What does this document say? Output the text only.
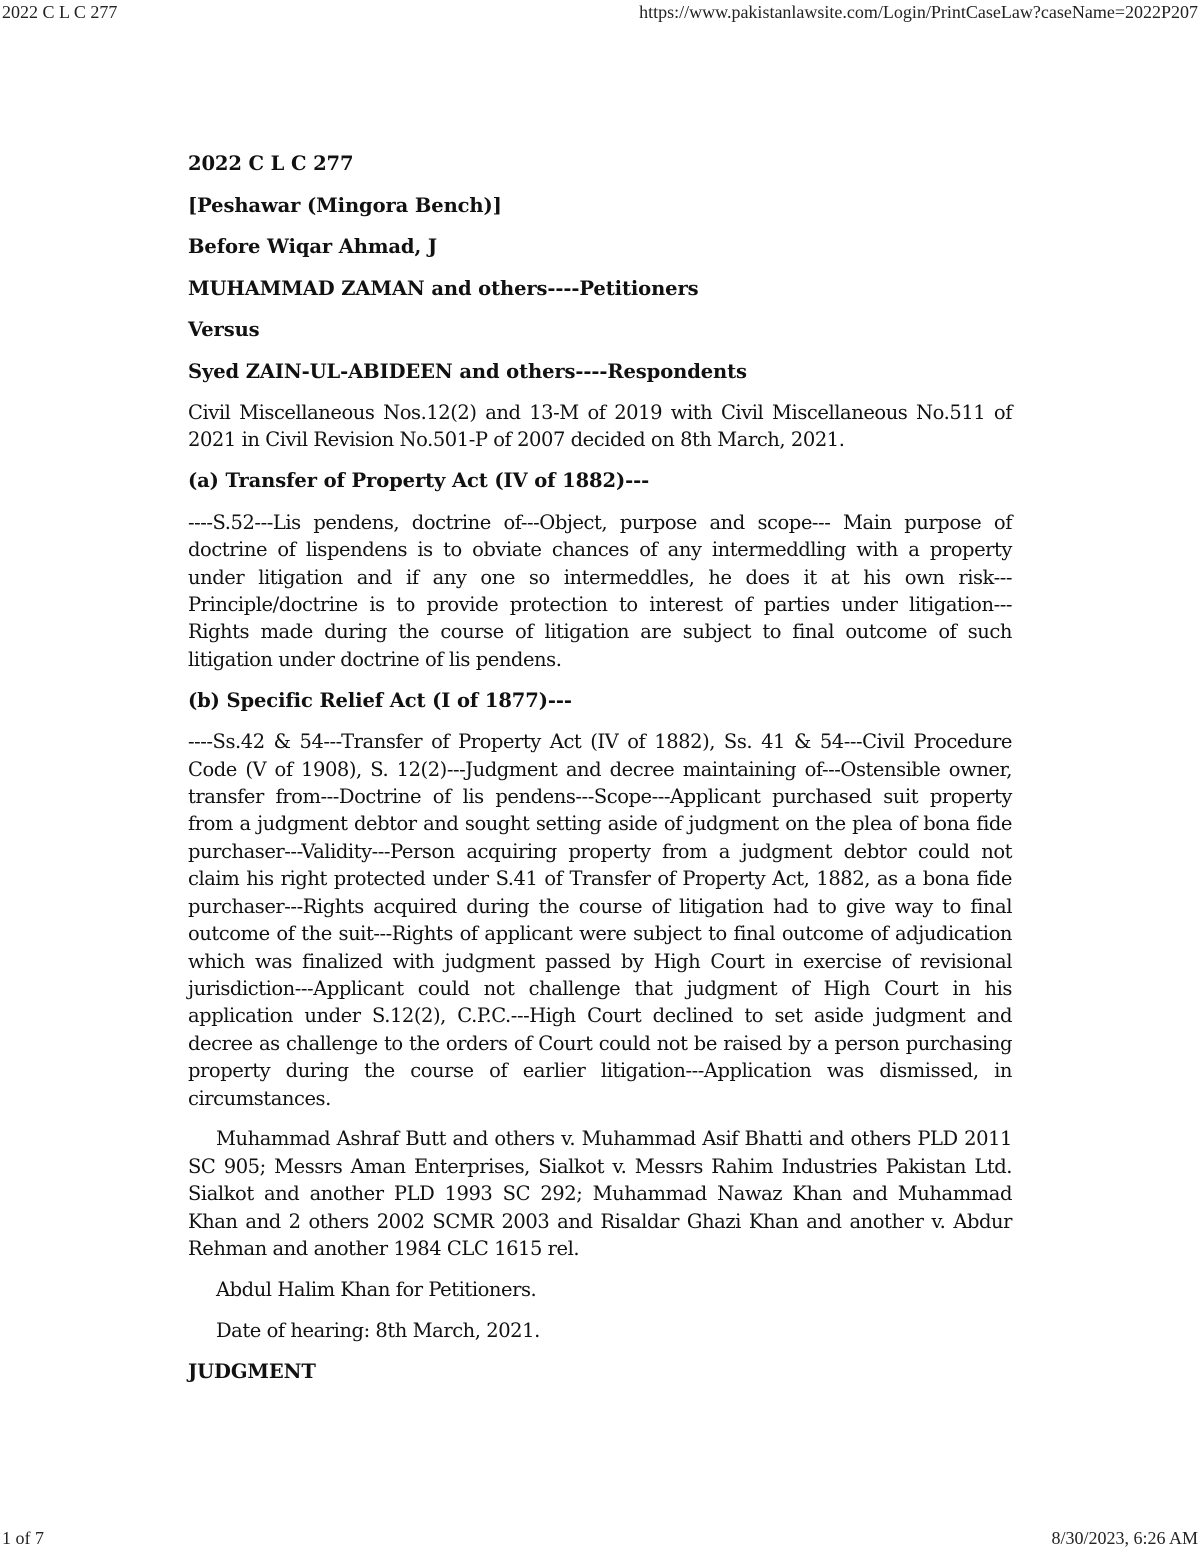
2022 C L C 277	https://www.pakistanlawsite.com/Login/PrintCaseLaw?caseName=2022P207
2022 C L C 277
[Peshawar (Mingora Bench)]
Before Wiqar Ahmad, J
MUHAMMAD ZAMAN and others----Petitioners
Versus
Syed ZAIN-UL-ABIDEEN and others----Respondents

Civil Miscellaneous Nos.12(2) and 13-M of 2019 with Civil Miscellaneous No.511 of 2021 in Civil Revision No.501-P of 2007 decided on 8th March, 2021.

(a) Transfer of Property Act (IV of 1882)---

----S.52---Lis pendens, doctrine of---Object, purpose and scope--- Main purpose of doctrine of lispendens is to obviate chances of any intermeddling with a property under litigation and if any one so intermeddles, he does it at his own risk---Principle/doctrine is to provide protection to interest of parties under litigation---Rights made during the course of litigation are subject to final outcome of such litigation under doctrine of lis pendens.

(b) Specific Relief Act (I of 1877)---

----Ss.42 & 54---Transfer of Property Act (IV of 1882), Ss. 41 & 54---Civil Procedure Code (V of 1908), S. 12(2)---Judgment and decree maintaining of---Ostensible owner, transfer from---Doctrine of lis pendens---Scope---Applicant purchased suit property from a judgment debtor and sought setting aside of judgment on the plea of bona fide purchaser---Validity---Person acquiring property from a judgment debtor could not claim his right protected under S.41 of Transfer of Property Act, 1882, as a bona fide purchaser---Rights acquired during the course of litigation had to give way to final outcome of the suit---Rights of applicant were subject to final outcome of adjudication which was finalized with judgment passed by High Court in exercise of revisional jurisdiction---Applicant could not challenge that judgment of High Court in his application under S.12(2), C.P.C.---High Court declined to set aside judgment and decree as challenge to the orders of Court could not be raised by a person purchasing property during the course of earlier litigation---Application was dismissed, in circumstances.

Muhammad Ashraf Butt and others v. Muhammad Asif Bhatti and others PLD 2011 SC 905; Messrs Aman Enterprises, Sialkot v. Messrs Rahim Industries Pakistan Ltd. Sialkot and another PLD 1993 SC 292; Muhammad Nawaz Khan and Muhammad Khan and 2 others 2002 SCMR 2003 and Risaldar Ghazi Khan and another v. Abdur Rehman and another 1984 CLC 1615 rel.

Abdul Halim Khan for Petitioners.

Date of hearing: 8th March, 2021.

JUDGMENT
1 of 7	8/30/2023, 6:26 AM
